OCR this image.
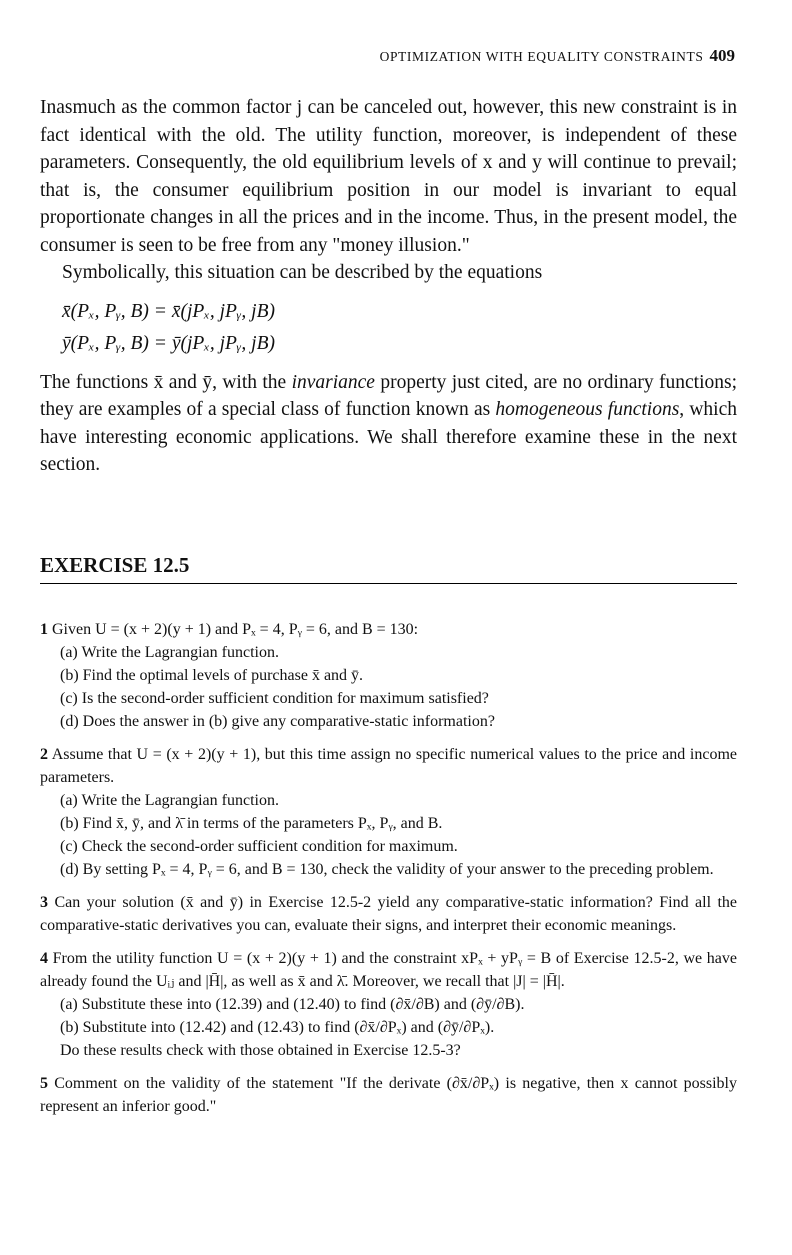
OPTIMIZATION WITH EQUALITY CONSTRAINTS 409

Inasmuch as the common factor j can be canceled out, however, this new constraint is in fact identical with the old. The utility function, moreover, is independent of these parameters. Consequently, the old equilibrium levels of x and y will continue to prevail; that is, the consumer equilibrium position in our model is invariant to equal proportionate changes in all the prices and in the income. Thus, in the present model, the consumer is seen to be free from any "money illusion."

Symbolically, this situation can be described by the equations

x̄(Pₓ, Pᵧ, B) = x̄(jPₓ, jPᵧ, jB)
ȳ(Pₓ, Pᵧ, B) = ȳ(jPₓ, jPᵧ, jB)

The functions x̄ and ȳ, with the invariance property just cited, are no ordinary functions; they are examples of a special class of function known as homogeneous functions, which have interesting economic applications. We shall therefore examine these in the next section.

EXERCISE 12.5
1 Given U = (x + 2)(y + 1) and Pₓ = 4, Pᵧ = 6, and B = 130:
(a) Write the Lagrangian function.
(b) Find the optimal levels of purchase x̄ and ȳ.
(c) Is the second-order sufficient condition for maximum satisfied?
(d) Does the answer in (b) give any comparative-static information?
2 Assume that U = (x + 2)(y + 1), but this time assign no specific numerical values to the price and income parameters.
(a) Write the Lagrangian function.
(b) Find x̄, ȳ, and λ̄ in terms of the parameters Pₓ, Pᵧ, and B.
(c) Check the second-order sufficient condition for maximum.
(d) By setting Pₓ = 4, Pᵧ = 6, and B = 130, check the validity of your answer to the preceding problem.
3 Can your solution (x̄ and ȳ) in Exercise 12.5-2 yield any comparative-static information? Find all the comparative-static derivatives you can, evaluate their signs, and interpret their economic meanings.
4 From the utility function U = (x + 2)(y + 1) and the constraint xPₓ + yPᵧ = B of Exercise 12.5-2, we have already found the Uᵢⱼ and |H̄|, as well as x̄ and λ̄. Moreover, we recall that |J| = |H̄|.
(a) Substitute these into (12.39) and (12.40) to find (∂x̄/∂B) and (∂ȳ/∂B).
(b) Substitute into (12.42) and (12.43) to find (∂x̄/∂Pₓ) and (∂ȳ/∂Pₓ).
Do these results check with those obtained in Exercise 12.5-3?
5 Comment on the validity of the statement "If the derivate (∂x̄/∂Pₓ) is negative, then x cannot possibly represent an inferior good."
